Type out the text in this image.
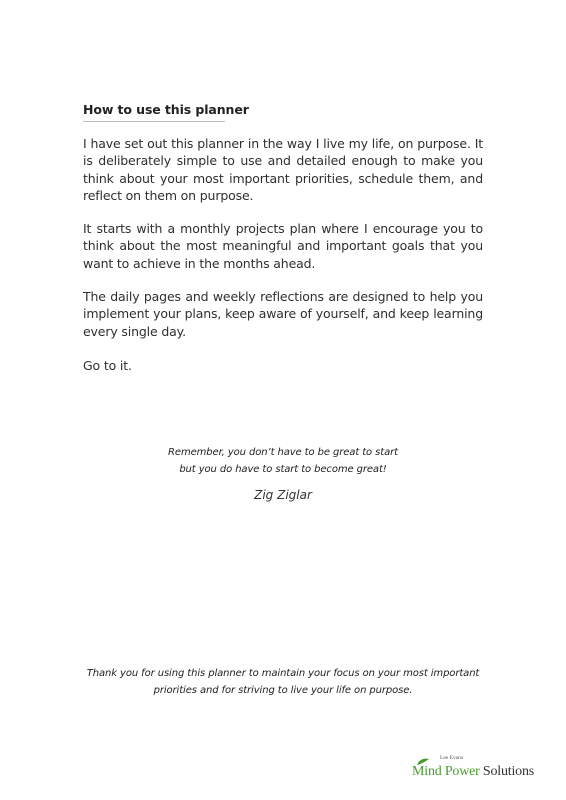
How to use this planner
I have set out this planner in the way I live my life, on purpose. It is deliberately simple to use and detailed enough to make you think about your most important priorities, schedule them, and reflect on them on purpose.
It starts with a monthly projects plan where I encourage you to think about the most meaningful and important goals that you want to achieve in the months ahead.
The daily pages and weekly reflections are designed to help you implement your plans, keep aware of yourself, and keep learning every single day.
Go to it.
Remember, you don’t have to be great to start
but you do have to start to become great!
Zig Ziglar
Thank you for using this planner to maintain your focus on your most important
priorities and for striving to live your life on purpose.
Lee Evans
Mind Power Solutions
